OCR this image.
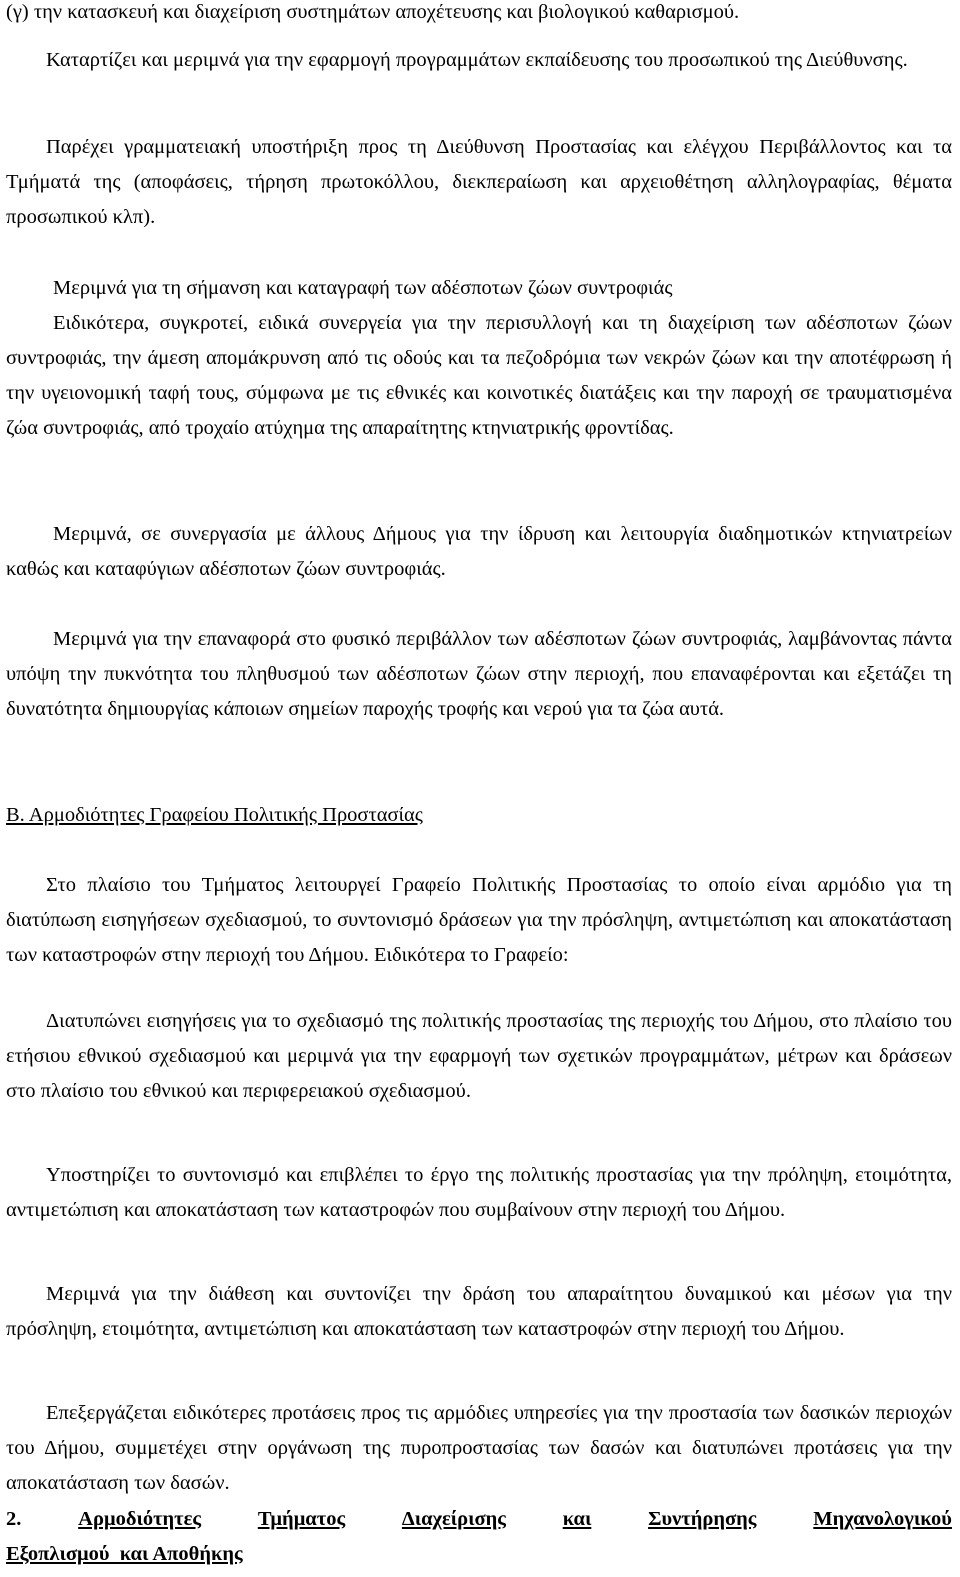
(γ) την κατασκευή και διαχείριση συστημάτων αποχέτευσης και βιολογικού καθαρισμού.

Καταρτίζει και μεριμνά για την εφαρμογή προγραμμάτων εκπαίδευσης του προσωπικού της Διεύθυνσης.

Παρέχει γραμματειακή υποστήριξη προς τη Διεύθυνση Προστασίας και ελέγχου Περιβάλλοντος και τα Τμήματά της (αποφάσεις, τήρηση πρωτοκόλλου, διεκπεραίωση και αρχειοθέτηση αλληλογραφίας, θέματα προσωπικού κλπ).

Μεριμνά για τη σήμανση και καταγραφή των αδέσποτων ζώων συντροφιάς

Ειδικότερα, συγκροτεί, ειδικά συνεργεία για την περισυλλογή και τη διαχείριση των αδέσποτων ζώων συντροφιάς, την άμεση απομάκρυνση από τις οδούς και τα πεζοδρόμια των νεκρών ζώων και την αποτέφρωση ή την υγειονομική ταφή τους, σύμφωνα με τις εθνικές και κοινοτικές διατάξεις και την παροχή σε τραυματισμένα ζώα συντροφιάς, από τροχαίο ατύχημα της απαραίτητης κτηνιατρικής φροντίδας.

Μεριμνά, σε συνεργασία με άλλους Δήμους για την ίδρυση και λειτουργία διαδημοτικών κτηνιατρείων καθώς και καταφύγιων αδέσποτων ζώων συντροφιάς.

Μεριμνά για την επαναφορά στο φυσικό περιβάλλον των αδέσποτων ζώων συντροφιάς, λαμβάνοντας πάντα υπόψη την πυκνότητα του πληθυσμού των αδέσποτων ζώων στην περιοχή, που επαναφέρονται και εξετάζει τη δυνατότητα δημιουργίας κάποιων σημείων παροχής τροφής και νερού για τα ζώα αυτά.

Β. Αρμοδιότητες Γραφείου Πολιτικής Προστασίας

Στο πλαίσιο του Τμήματος λειτουργεί Γραφείο Πολιτικής Προστασίας το οποίο είναι αρμόδιο για τη διατύπωση εισηγήσεων σχεδιασμού, το συντονισμό δράσεων για την πρόσληψη, αντιμετώπιση και αποκατάσταση των καταστροφών στην περιοχή του Δήμου. Ειδικότερα το Γραφείο:

Διατυπώνει εισηγήσεις για το σχεδιασμό της πολιτικής προστασίας της περιοχής του Δήμου, στο πλαίσιο του ετήσιου εθνικού σχεδιασμού και μεριμνά για την εφαρμογή των σχετικών προγραμμάτων, μέτρων και δράσεων στο πλαίσιο του εθνικού και περιφερειακού σχεδιασμού.

Υποστηρίζει το συντονισμό και επιβλέπει το έργο της πολιτικής προστασίας για την πρόληψη, ετοιμότητα, αντιμετώπιση και αποκατάσταση των καταστροφών που συμβαίνουν στην περιοχή του Δήμου.

Μεριμνά για την διάθεση και συντονίζει την δράση του απαραίτητου δυναμικού και μέσων για την πρόσληψη, ετοιμότητα, αντιμετώπιση και αποκατάσταση των καταστροφών στην περιοχή του Δήμου.

Επεξεργάζεται ειδικότερες προτάσεις προς τις αρμόδιες υπηρεσίες για την προστασία των δασικών περιοχών του Δήμου, συμμετέχει στην οργάνωση της πυροπροστασίας των δασών και διατυπώνει προτάσεις για την αποκατάσταση των δασών.

2.	Αρμοδιότητες	Τμήματος	Διαχείρισης	και	Συντήρησης	Μηχανολογικού

Εξοπλισμού  και Αποθήκης
